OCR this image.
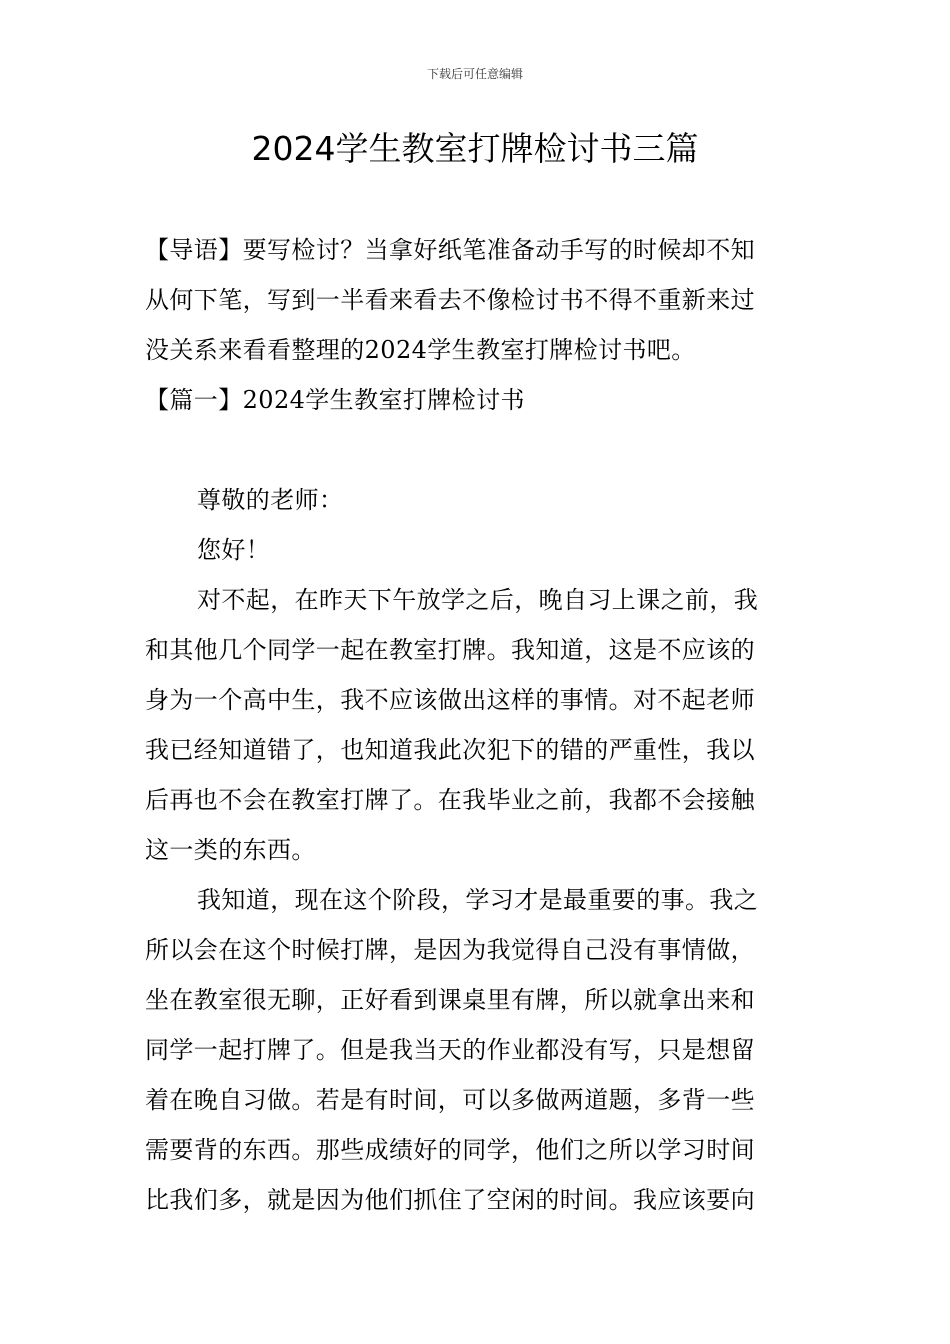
下载后可任意编辑
2024学生教室打牌检讨书三篇
【导语】要写检讨？当拿好纸笔准备动手写的时候却不知
从何下笔，写到一半看来看去不像检讨书不得不重新来过
没关系来看看整理的2024学生教室打牌检讨书吧。
【篇一】2024学生教室打牌检讨书
尊敬的老师：
您好！
对不起，在昨天下午放学之后，晚自习上课之前，我
和其他几个同学一起在教室打牌。我知道，这是不应该的
身为一个高中生，我不应该做出这样的事情。对不起老师
我已经知道错了，也知道我此次犯下的错的严重性，我以
后再也不会在教室打牌了。在我毕业之前，我都不会接触
这一类的东西。
我知道，现在这个阶段，学习才是最重要的事。我之
所以会在这个时候打牌，是因为我觉得自己没有事情做，
坐在教室很无聊，正好看到课桌里有牌，所以就拿出来和
同学一起打牌了。但是我当天的作业都没有写，只是想留
着在晚自习做。若是有时间，可以多做两道题，多背一些
需要背的东西。那些成绩好的同学，他们之所以学习时间
比我们多，就是因为他们抓住了空闲的时间。我应该要向
